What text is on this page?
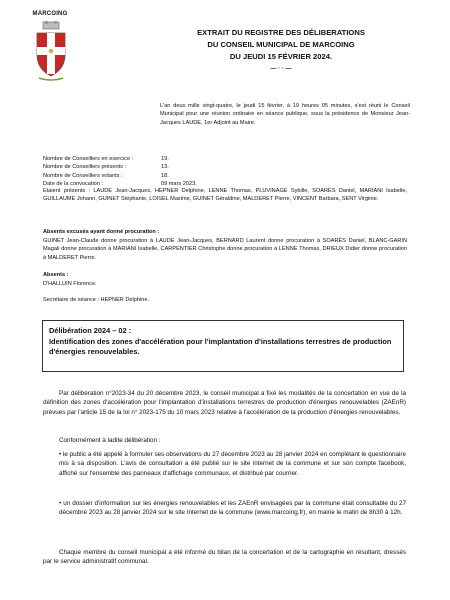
MARCOING
EXTRAIT DU REGISTRE DES DÉLIBERATIONS
DU CONSEIL MUNICIPAL DE MARCOING
DU JEUDI 15 FÉVRIER 2024.
— · · —
L'an deux mille vingt-quatre, le jeudi 15 février, à 19 heures 05 minutes, s'est réuni le Conseil Municipal pour une réunion ordinaire en séance publique, sous la présidence de Monsieur Jean-Jacques LAUDE, 1er Adjoint au Maire.
Nombre de Conseillers en exercice :	19.
Nombre de Conseillers présents :	13.
Nombre de Conseillers votants :	18.
Date de la convocation :	09 mars 2023.
Etaient présents : LAUDE Jean-Jacques, HEPNER Delphine, LENNE Thomas, PLUVINAGE Sybille, SOARÈS Daniel, MARIANI Isabelle, GUILLAUME Johann, GUINET Stéphanie, LOISEL Maxime, GUINET Géraldine, MALDERET Pierre, VINCENT Barbara, SENT Virginie.
Absents excusés ayant donné procuration :
GUINET Jean-Claude donne procuration à LAUDE Jean-Jacques, BERNARD Laurent donne procuration à SOARÈS Daniel, BLANC-GARIN Magali donne procuration à MARIANI Isabelle, CARPENTIER Christophe donne procuration à LENNE Thomas, DRIEUX Didier donne procuration à MALDERET Pierre.
Absents :
D'HALLUIN Florence.
Secrétaire de séance : HEPNER Delphine.
Délibération 2024 – 02 :
Identification des zones d'accélération pour l'implantation d'installations terrestres de production d'énergies renouvelables.
Par délibération n°2023-34 du 20 décembre 2023, le conseil municipal a fixé les modalités de la concertation en vue de la définition des zones d'accélération pour l'implantation d'installations terrestres de production d'énergies renouvelables (ZAEnR) prévues par l'article 15 de la loi n° 2023-175 du 10 mars 2023 relative à l'accélération de la production d'énergies renouvelables.
Conformément à ladite délibération :
• le public a été appelé à formuler ses observations du 27 décembre 2023 au 28 janvier 2024 en complétant le questionnaire mis à sa disposition. L'avis de consultation a été publié sur le site internet de la commune et sur son compte facebook, affiché sur l'ensemble des panneaux d'affichage communaux, et distribué par courrier.
• un dossier d'information sur les énergies renouvelables et les ZAEnR envisagées par la commune était consultable du 27 décembre 2023 au 28 janvier 2024 sur le site Internet de la commune (www.marcoing.fr), en mairie le matin de 8h30 à 12h.
Chaque membre du conseil municipal a été informé du bilan de la concertation et de la cartographie en résultant, dressés par le service administratif communal.
